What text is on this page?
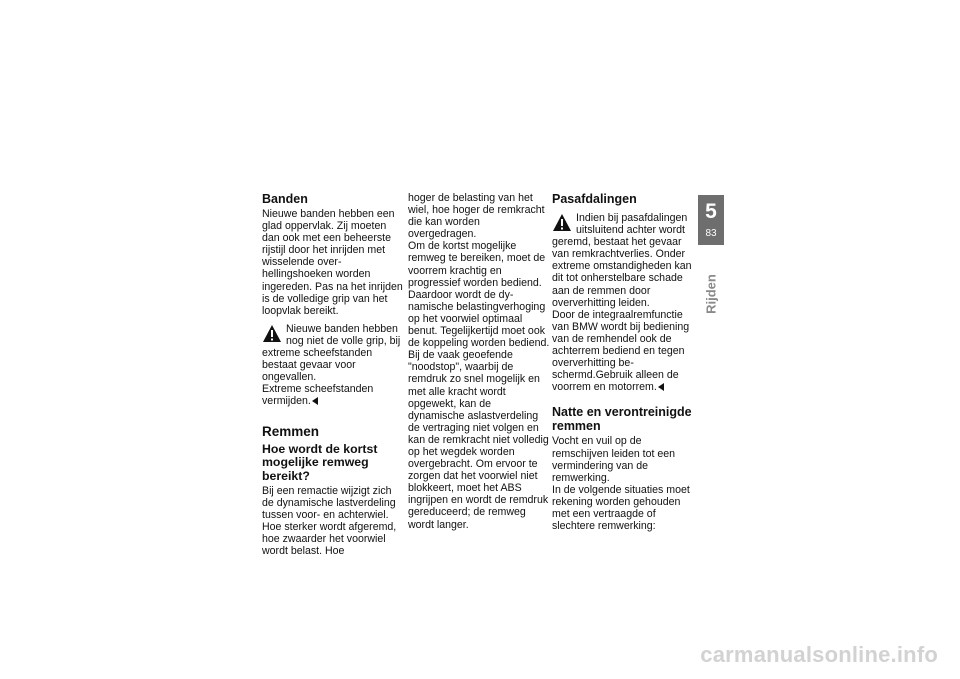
Banden

Nieuwe banden hebben een glad oppervlak. Zij moeten dan ook met een beheerste rijstijl door het inrijden met wisselende overhellingshoeken worden ingereden. Pas na het inrijden is de volledige grip van het loopvlak bereikt.

Nieuwe banden hebben nog niet de volle grip, bij extreme scheefstanden bestaat gevaar voor ongevallen.

Extreme scheefstanden vermijden.

Remmen
Hoe wordt de kortst mogelijke remweg bereikt?

Bij een remactie wijzigt zich de dynamische lastverdeling tussen voor- en achterwiel. Hoe sterker wordt afgeremd, hoe zwaarder het voorwiel wordt belast. Hoe

hoger de belasting van het wiel, hoe hoger de remkracht die kan worden overgedragen.

Om de kortst mogelijke remweg te bereiken, moet de voorrem krachtig en progressief worden bediend. Daardoor wordt de dynamische belastingverhoging op het voorwiel optimaal benut. Tegelijkertijd moet ook de koppeling worden bediend. Bij de vaak geoefende "noodstop", waarbij de remdruk zo snel mogelijk en met alle kracht wordt opgewekt, kan de dynamische aslastverdeling de vertraging niet volgen en kan de remkracht niet volledig op het wegdek worden overgebracht. Om ervoor te zorgen dat het voorwiel niet blokkeert, moet het ABS ingrijpen en wordt de remdruk gereduceerd; de remweg wordt langer.

Pasafdalingen

Indien bij pasafdalingen uitsluitend achter wordt geremd, bestaat het gevaar van remkrachtverlies. Onder extreme omstandigheden kan dit tot onherstelbare schade aan de remmen door oververhitting leiden.

Door de integraalremfunctie van BMW wordt bij bediening van de remhendel ook de achterrem bediend en tegen oververhitting beschermd.Gebruik alleen de voorrem en motorrem.

Natte en verontreinigde remmen

Vocht en vuil op de remschijven leiden tot een vermindering van de remwerking.

In de volgende situaties moet rekening worden gehouden met een vertraagde of slechtere remwerking:

5
83
Rijden
carmanualsonline.info
